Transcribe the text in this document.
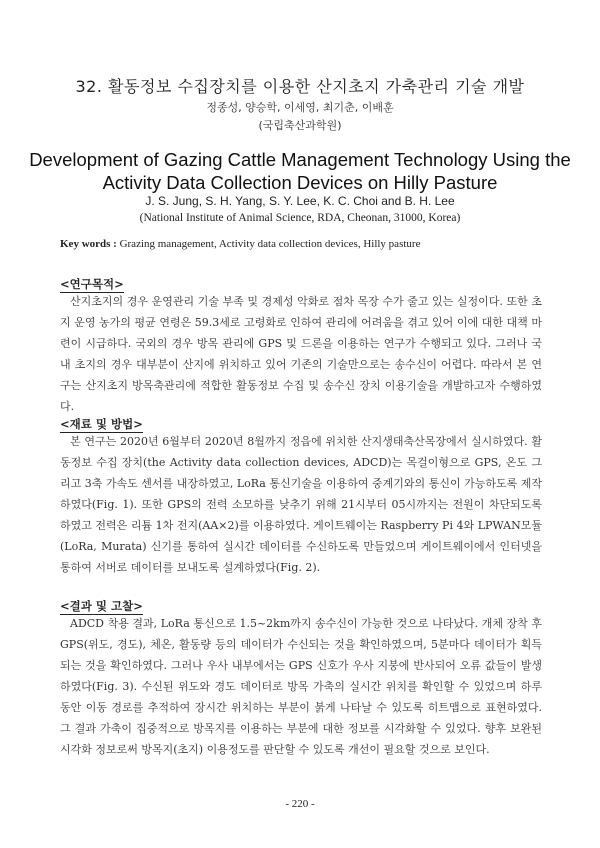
32. 활동정보 수집장치를 이용한 산지초지 가축관리 기술 개발
정종성, 양승학, 이세영, 최기춘, 이배훈
(국립축산과학원)
Development of Gazing Cattle Management Technology Using the
Activity Data Collection Devices on Hilly Pasture
J. S. Jung, S. H. Yang, S. Y. Lee, K. C. Choi and B. H. Lee
(National Institute of Animal Science, RDA, Cheonan, 31000, Korea)
Key words : Grazing management, Activity data collection devices, Hilly pasture
<연구목적>
산지초지의 경우 운영관리 기술 부족 및 경제성 악화로 점차 목장 수가 줄고 있는 실정이다. 또한 초지 운영 농가의 평균 연령은 59.3세로 고령화로 인하여 관리에 어려움을 겪고 있어 이에 대한 대책 마련이 시급하다. 국외의 경우 방목 관리에 GPS 및 드론을 이용하는 연구가 수행되고 있다. 그러나 국내 초지의 경우 대부분이 산지에 위치하고 있어 기존의 기술만으로는 송수신이 어렵다. 따라서 본 연구는 산지초지 방목축관리에 적합한 활동정보 수집 및 송수신 장치 이용기술을 개발하고자 수행하였다.
<재료 및 방법>
본 연구는 2020년 6월부터 2020년 8월까지 정읍에 위치한 산지생태축산목장에서 실시하였다. 활동정보 수집 장치(the Activity data collection devices, ADCD)는 목걸이형으로 GPS, 온도 그리고 3축 가속도 센서를 내장하였고, LoRa 통신기술을 이용하여 중계기와의 통신이 가능하도록 제작하였다(Fig. 1). 또한 GPS의 전력 소모하를 낮추기 위해 21시부터 05시까지는 전원이 차단되도록 하였고 전력은 리튬 1차 전지(AA×2)를 이용하였다. 게이트웨이는 Raspberry Pi 4와 LPWAN모듈(LoRa, Murata) 신기를 통하여 실시간 데이터를 수신하도록 만들었으며 게이트웨이에서 인터넷을 통하여 서버로 데이터를 보내도록 설계하였다(Fig. 2).
<결과 및 고찰>
ADCD 착용 결과, LoRa 통신으로 1.5~2km까지 송수신이 가능한 것으로 나타났다. 개체 장착 후 GPS(위도, 경도), 체온, 활동량 등의 데이터가 수신되는 것을 확인하였으며, 5분마다 데이터가 획득되는 것을 확인하였다. 그러나 우사 내부에서는 GPS 신호가 우사 지붕에 반사되어 오류 값들이 발생하였다(Fig. 3). 수신된 위도와 경도 데이터로 방목 가축의 실시간 위치를 확인할 수 있었으며 하루 동안 이동 경로를 추적하여 장시간 위치하는 부분이 붉게 나타날 수 있도록 히트맵으로 표현하였다. 그 결과 가축이 집중적으로 방목지를 이용하는 부분에 대한 정보를 시각화할 수 있었다. 향후 보완된 시각화 정보로써 방목지(초지) 이용정도를 판단할 수 있도록 개선이 필요할 것으로 보인다.
- 220 -
